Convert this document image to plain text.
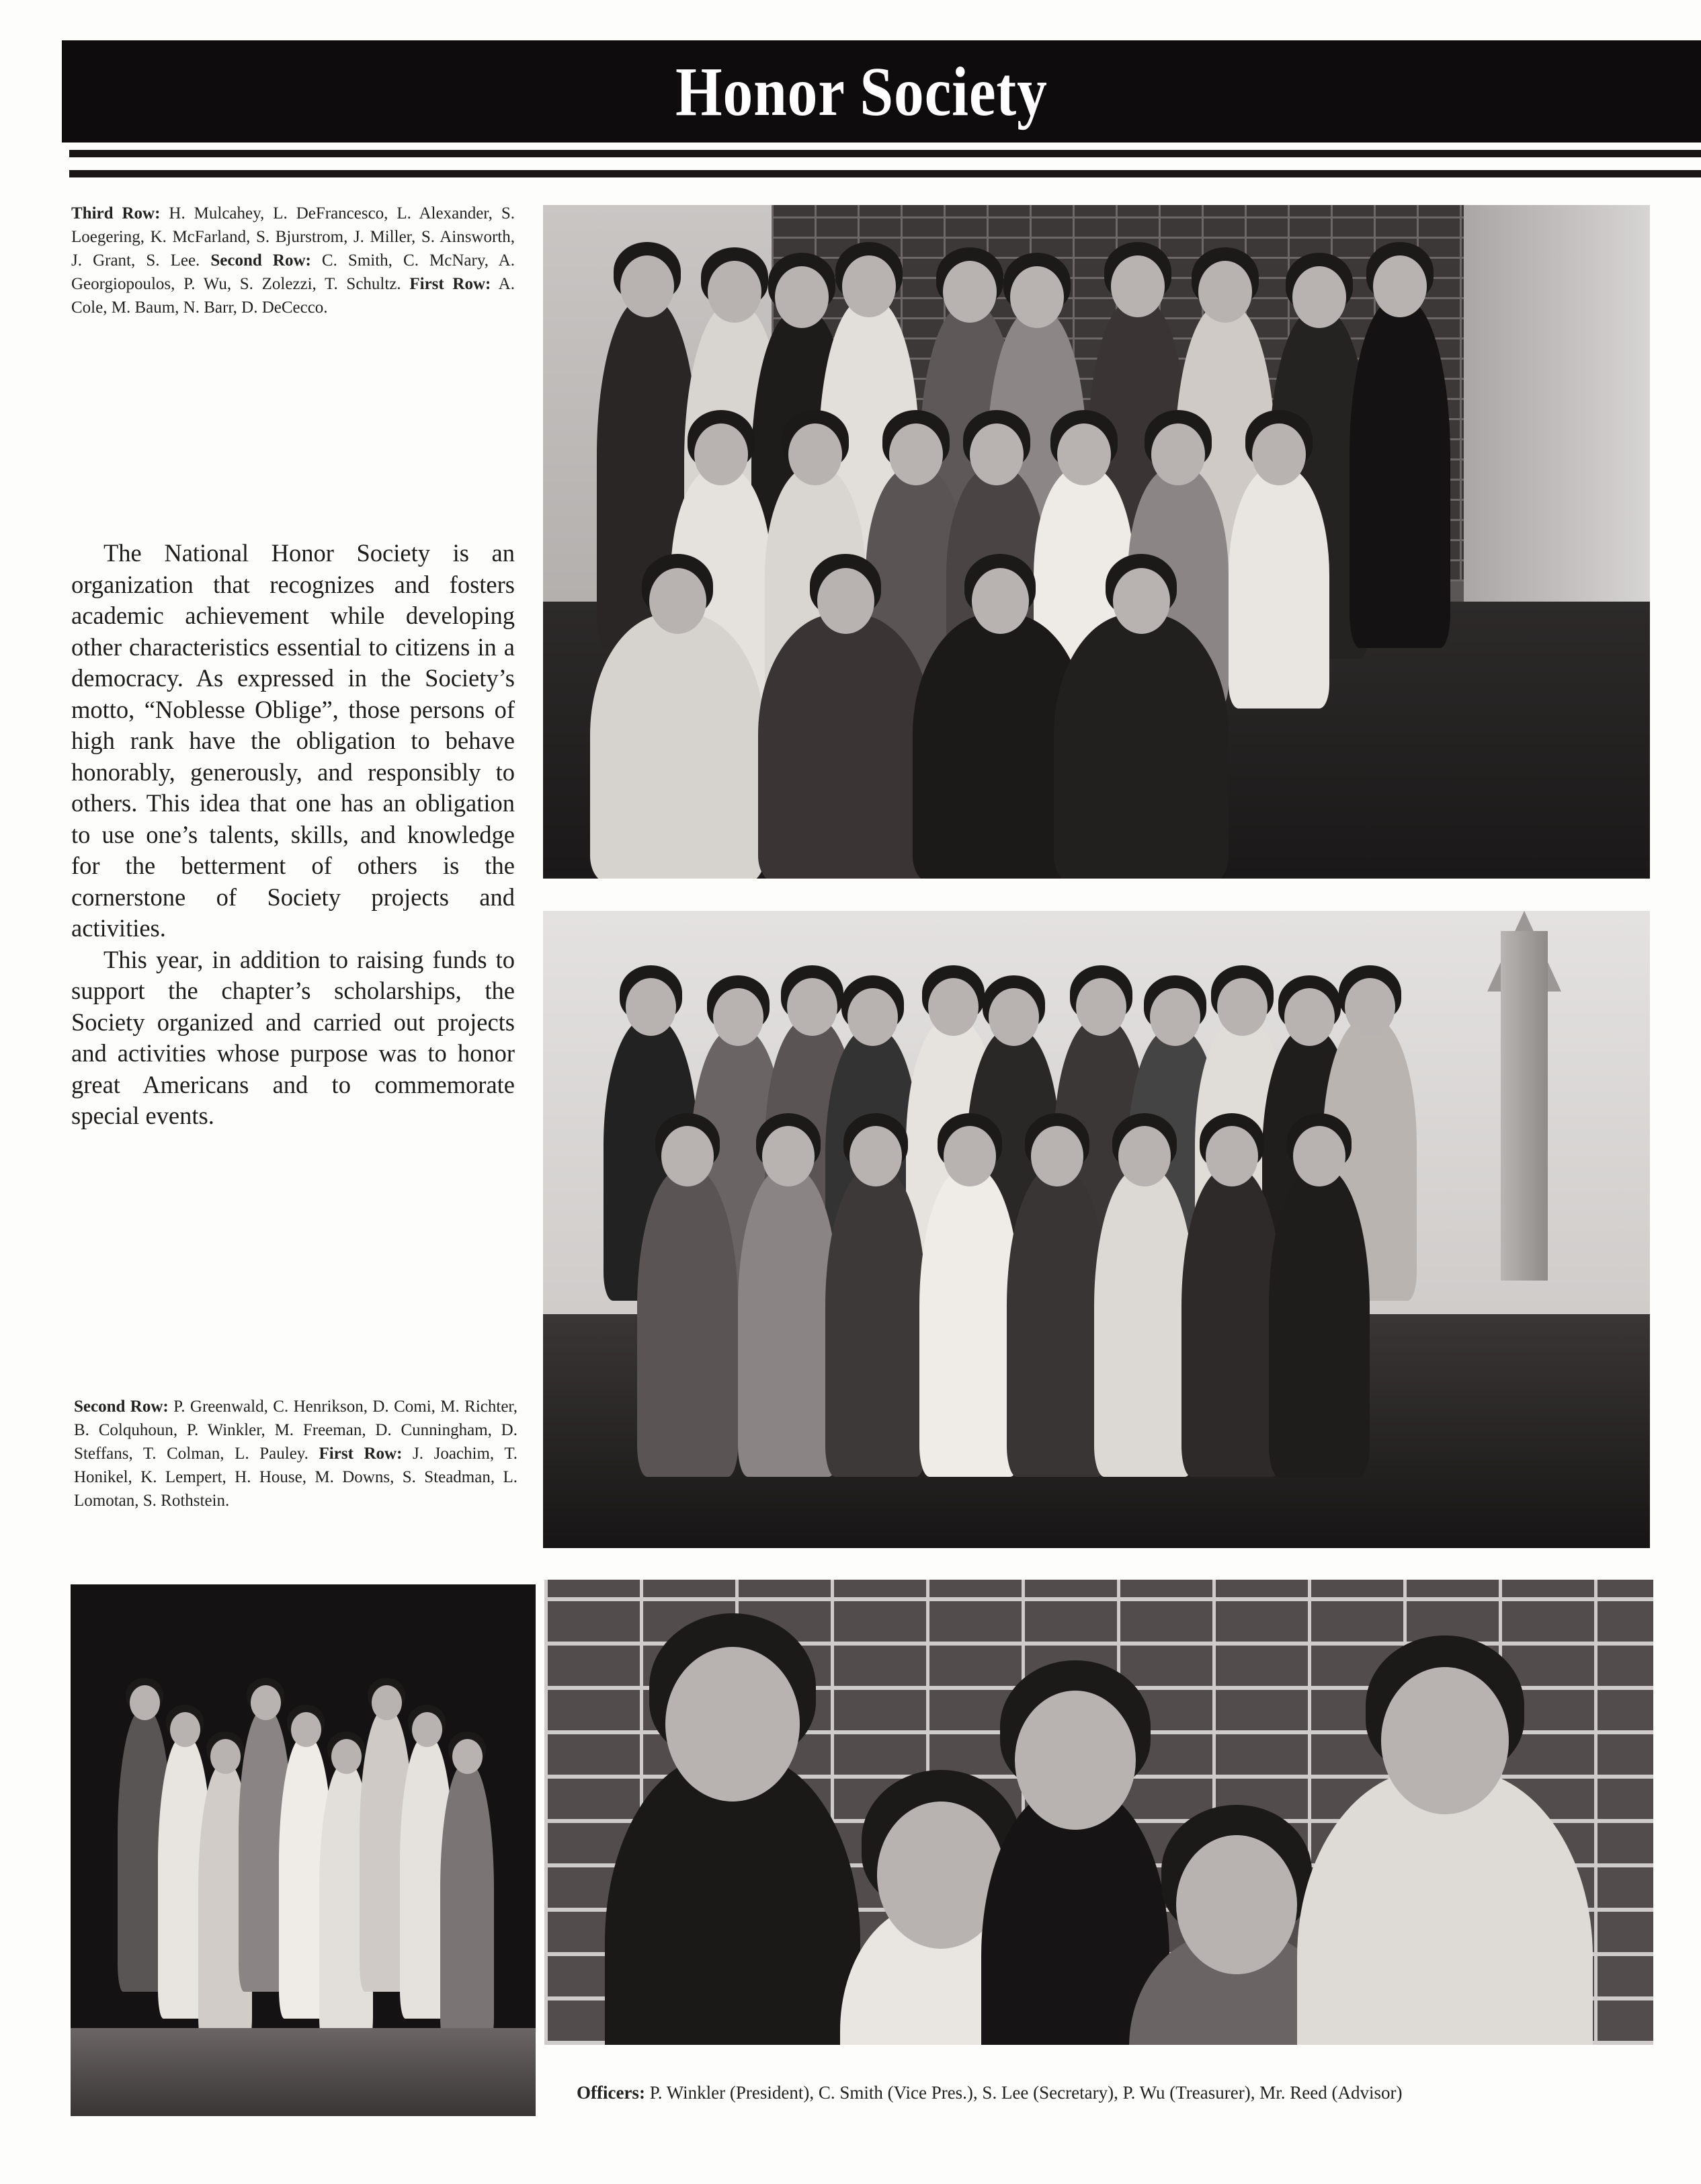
Honor Society
Third Row: H. Mulcahey, L. DeFrancesco, L. Alexander, S. Loegering, K. McFarland, S. Bjurstrom, J. Miller, S. Ainsworth, J. Grant, S. Lee. Second Row: C. Smith, C. McNary, A. Georgiopoulos, P. Wu, S. Zolezzi, T. Schultz. First Row: A. Cole, M. Baum, N. Barr, D. DeCecco.

The National Honor Society is an organization that recognizes and fosters academic achievement while developing other characteristics essential to citizens in a democracy. As expressed in the Society’s motto, “Noblesse Oblige”, those persons of high rank have the obligation to behave honorably, generously, and responsibly to others. This idea that one has an obligation to use one’s talents, skills, and knowledge for the betterment of others is the cornerstone of Society projects and activities.

This year, in addition to raising funds to support the chapter’s scholarships, the Society organized and carried out projects and activities whose purpose was to honor great Americans and to commemorate special events.

Second Row: P. Greenwald, C. Henrikson, D. Comi, M. Richter, B. Colquhoun, P. Winkler, M. Freeman, D. Cunningham, D. Steffans, T. Colman, L. Pauley. First Row: J. Joachim, T. Honikel, K. Lempert, H. House, M. Downs, S. Steadman, L. Lomotan, S. Rothstein.
Officers: P. Winkler (President), C. Smith (Vice Pres.), S. Lee (Secretary), P. Wu (Treasurer), Mr. Reed (Advisor)
